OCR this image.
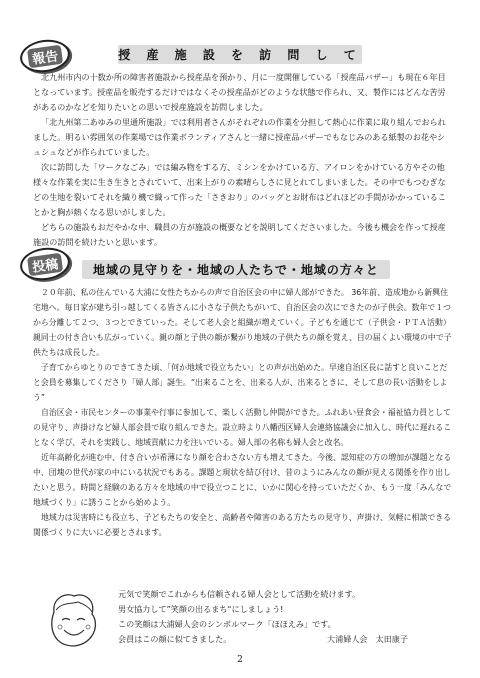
報告	授 産 施 設 を 訪 問 し て

北九州市内の十数か所の障害者施設から授産品を預かり、月に一度開催している「授産品バザー」も現在６年目となっています。授産品を販売するだけではなくその授産品がどのような状態で作られ、又、製作にはどんな苦労があるのかなどを知りたいとの思いで授産施設を訪問しました。

「北九州第二あゆみの里通所施設」では利用者さんがそれぞれの作業を分担して熱心に作業に取り組んでおられました。明るい雰囲気の作業場では作業ボランティアさんと一緒に授産品バザーでもなじみのある紙製のお花やシュシュなどが作られていました。

次に訪問した「ワークなごみ」では編み物をする方、ミシンをかけている方、アイロンをかけている方やその他様々な作業を実に生き生きとされていて、出来上がりの素晴らしさに見とれてしまいました。その中でもつむぎなどの生地を裂いてそれを織り機で織って作った「さきおり」のバッグとお財布はどれほどの手間がかかっていることかと胸が熱くなる思いがしました。

どちらの施設もおだやかな中、職員の方が施設の概要などを説明してくださいました。今後も機会を作って授産施設の訪問を続けたいと思います。

投稿	地域の見守りを・地域の人たちで・地域の方々と

２０年前、私の住んでいる大浦に女性たちからの声で自治区会の中に婦人部ができた。 36年前、造成地から新興住宅地へ。毎日家が建ち引っ越してくる皆さんに小さな子供たちがいて、自治区会の次にできたのが子供会。数年で１つから分離して２つ、３つとできていった。そして老人会と組織が増えていく。子どもを通じて（子供会・ＰＴＡ活動）親同士の付き合いも広がっていく。親の顔と子供の顔が繋がり地域の子供たちの顔を覚え、目の届くよい環境の中で子供たちは成長した。

子育てからゆとりのできてきた頃、「何か地域で役立ちたい」との声が出始めた。早速自治区長に話すと良いことだと会員を募集してくださり「婦人部」誕生。“出来ることを、出来る人が、出来るときに、そして息の長い活動をしよう”

自治区会・市民センターの事業や行事に参加して、楽しく活動し仲間ができた。ふれあい昼食会・福祉協力員としての見守り、声掛けなど婦人部会員で取り組んできた。設立時より八幡西区婦人会連絡協議会に加入し、時代に遅れることなく学び、それを実践し、地域貢献に力を注いでいる。婦人部の名称も婦人会と改名。

近年高齢化が進む中、付き合いが希薄になり顔を合わさない方も増えてきた。今後、認知症の方の増加が課題となる中、団塊の世代が家の中にいる状況でもある。課題と現状を結び付け、昔のようにみんなの顔が見える関係を作り出したいと思う。時間と経験のある方々を地域の中で役立つことに、いかに関心を持っていただくか、もう一度「みんなで地域づくり」に誘うことから始めよう。

地域力は災害時にも役立ち、子どもたちの安全と、高齢者や障害のある方たちの見守り、声掛け、気軽に相談できる関係づくりに大いに必要とされます。

元気で笑顔でこれからも信頼される婦人会として活動を続けます。

男女協力して”笑顔の出るまち“にしましょう!

この笑顔は大浦婦人会のシンボルマーク「ほほえみ」です。

会員はこの顔に似てきました。	大浦婦人会　太田康子
2
